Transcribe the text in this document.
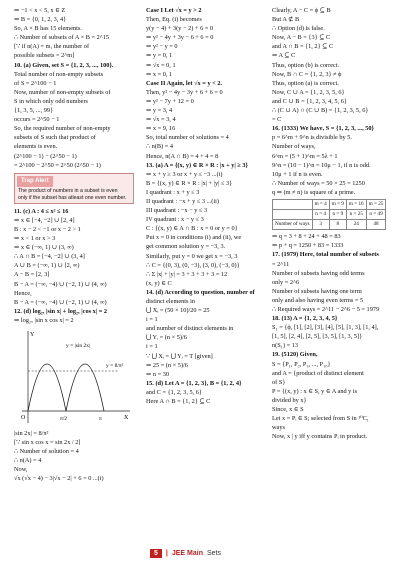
⇒ −1 < x < 5, x ∈ Z
⇒ B = {0, 1, 2, 3, 4}
So, A × B has 15 elements.
∴ Number of subsets of A × B = 2^15
[∵ if n(A) = m, the number of
possible subsets = 2^m]
10. (a) Given, set S = {1, 2, 3, ..., 100}.
Total number of non-empty subsets
of S = 2^100 − 1
Now, number of non-empty subsets of
S in which only odd numbers
{1, 3, 5, ..., 99}
occurs = 2^50 − 1
So, the required number of non-empty
subsets of S such that product of
elements is even.
(2^100 − 1) − (2^50 − 1)
= 2^100 − 2^50 = 2^50 (2^50 − 1)
Trap Alert
The product of numbers in a subset is even
only if the subset has atleast one even number.
11. (c) A : 4 ≤ x² ≤ 16
⇒ x ∈ [−4, −2] ∪ [2, 4]
B : x − 2 < −1 or x − 2 > 1
⇒ x < 1 or x > 3
⇒ x ∈ (−∞, 1) ∪ (3, ∞)
∴ A ∩ B = [−4, −2] ∪ (3, 4]
A ∪ B = (−∞, 1) ∪ [2, ∞)
A − B = [2, 3]
B − A = (−∞, −4) ∪ (−2, 1) ∪ (4, ∞)
Hence,
B − A = (−∞, −4) ∪ (−2, 1) ∪ (4, ∞)
12. (d) log₂ₓ |sin x| + log₂ₓ |cos x| = 2
⇒ log₂ₓ |sin x cos x| = 2
Y
X
O	π/2	π
y = |sin 2x|
y = 8/π²
|sin 2x| = 8/π²
[∵ sin x cos x = sin 2x / 2]
∴ Number of solution = 4
∴ n(A) = 4
Now,
√x (√x − 4) − 3|√x − 2| + 6 = 0 ...(i)
Case I Let √x = y > 2
Then, Eq. (i) becomes
y(y − 4) + 3(y − 2) + 6 = 0
⇒ y² − 4y + 3y − 6 + 6 = 0
⇒ y² − y = 0
⇒ y = 0, 1
⇒ √x = 0, 1
⇒ x = 0, 1
Case II Again, let √x = y < 2.
Then, y² − 4y − 3y + 6 + 6 = 0
⇒ y² − 7y + 12 = 0
⇒ y = 3, 4
⇒ √x = 3, 4
⇒ x = 9, 16
So, total number of solutions = 4
∴ n(B) = 4
Hence, n(A ∩ B) = 4 + 4 = 8
13. (a) A = {(x, y) ∈ R × R : |x + y| ≥ 3}
⇒ x + y ≥ 3 or x + y ≤ −3 ...(i)
B = {(x, y) ∈ R × R : |x| + |y| ≤ 3}
I quadrant : x + y ≤ 3
II quadrant : −x + y ≤ 3 ...(ii)
III quadrant : −x − y ≤ 3
IV quadrant : x − y ≤ 3
C : {(x, y) ∈ A ∩ B : x = 0 or y = 0}
Put x = 0 in conditions (i) and (ii), we
get common solution y = −3, 3.
Similarly, put y = 0 we get x = −3, 3
∴ C = {(0, 3), (0, −3), (3, 0), (−3, 0)}
∴ Σ |x| + |y| = 3 + 3 + 3 + 3 = 12
(x, y) ∈ C
14. (d) According to question, number of
distinct elements in
⋃ Xᵢ = (50 × 10)/20 = 25
i = 1
and number of distinct elements in
⋃ Yᵢ = (n × 5)/6
i = 1
∵ ⋃ Xᵢ = ⋃ Yᵢ = T [given]
⇒ 25 = (n × 5)/6
⇒ n = 30
15. (d) Let A = {1, 2, 3}, B = {1, 2, 4}
and C = {1, 2, 3, 5, 6}
Here A ∩ B = {1, 2} ⊆ C
Clearly, A − C = ϕ ⊆ B
But A ⊄ B
∴ Option (d) is false.
Now, A − B = {3} ⊆ C
and A ∩ B = {1, 2} ⊆ C
⇒ A ⊆ C
Thus, option (b) is correct.
Now, B ∩ C = {1, 2, 3} ≠ ϕ
Thus, option (a) is correct.
Now, C ∪ A = {1, 2, 3, 5, 6}
and C ∪ B = {1, 2, 3, 4, 5, 6}
∴ (C ∪ A) ∩ (C ∪ B) = {1, 2, 3, 5, 6}
= C
16. (1333) We have, S = {1, 2, 3, ..., 50}
p = 6^m + 9^n is divisible by 5.
Number of ways,
6^m = (5 + 1)^m = 5λ + 1
9^n = (10 − 1)^n = 10μ − 1, if n is odd.
10μ + 1 if n is even.
∴ Number of ways = 50 × 25 = 1250
q ⇒ (m ≠ n) is square of a prime.
	m = 4	m = 9	m = 16	m = 25
	n = 4	n = 9	n = 25	n = 49
Number of ways	3	8	24	48
⇒ q = 3 + 8 + 24 + 48 = 83
⇒ p + q = 1250 + 83 = 1333
17. (1979) Here, total number of subsets
= 2^11
Number of subsets having odd terms
only = 2^6
Number of subsets having one term
only and also having even terms = 5
∴ Required ways = 2^11 − 2^6 − 5 = 1979
18. (13) A = {1, 2, 3, 4, 5}
S₁ = {ϕ, [1], [2], [3], [4], [5], [1, 3], [1, 4],
[1, 5], [2, 4], [2, 5], [3, 5], [1, 3, 5]}
n(S₁) = 13
19. (5120) Given,
S = {P₁, P₂, P₃, ..., P₁₀}
and A = {product of distinct element
of S}
P = {(x, y) : x ∈ S, y ∈ A and y is
divided by x}
Since, x ∈ S
Let x = Pᵢ ∈ S; selected from S in ¹⁰C₁
ways
Now, x | y iff y contains Pᵢ in product.
5	| JEE Main Sets
